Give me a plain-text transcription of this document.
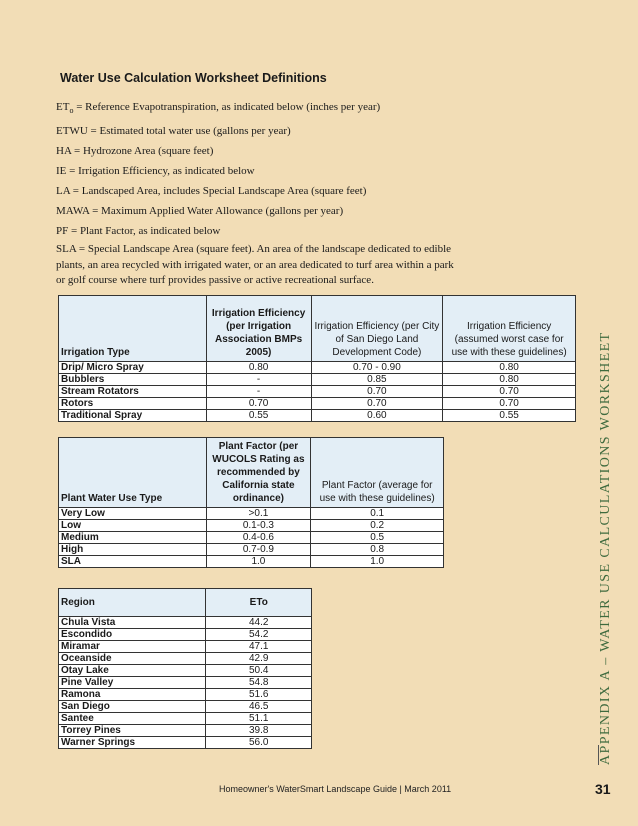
Water Use Calculation Worksheet Definitions

$ET_o$ = Reference Evapotranspiration, as indicated below (inches per year)

ETWU = Estimated total water use (gallons per year)

HA = Hydrozone Area (square feet)

IE = Irrigation Efficiency, as indicated below

LA = Landscaped Area, includes Special Landscape Area (square feet)

MAWA = Maximum Applied Water Allowance (gallons per year)

PF = Plant Factor, as indicated below

SLA = Special Landscape Area (square feet). An area of the landscape dedicated to edible plants, an area recycled with irrigated water, or an area dedicated to turf area within a park or golf course where turf provides passive or active recreational surface.

Irrigation Type	Irrigation Efficiency (per Irrigation Association BMPs 2005)	Irrigation Efficiency (per City of San Diego Land Development Code)	Irrigation Efficiency (assumed worst case for use with these guidelines)
Drip/ Micro Spray	0.80	0.70 - 0.90	0.80
Bubblers	-	0.85	0.80
Stream Rotators	-	0.70	0.70
Rotors	0.70	0.70	0.70
Traditional Spray	0.55	0.60	0.55
Plant Water Use Type	Plant Factor (per WUCOLS Rating as recommended by California state ordinance)	Plant Factor (average for use with these guidelines)
Very Low	>0.1	0.1
Low	0.1-0.3	0.2
Medium	0.4-0.6	0.5
High	0.7-0.9	0.8
SLA	1.0	1.0
Region	ETo
Chula Vista	44.2
Escondido	54.2
Miramar	47.1
Oceanside	42.9
Otay Lake	50.4
Pine Valley	54.8
Ramona	51.6
San Diego	46.5
Santee	51.1
Torrey Pines	39.8
Warner Springs	56.0	APPENDIX A – WATER USE CALCULATIONS WORKSHEET
Homeowner's WaterSmart Landscape Guide | March 2011	31
